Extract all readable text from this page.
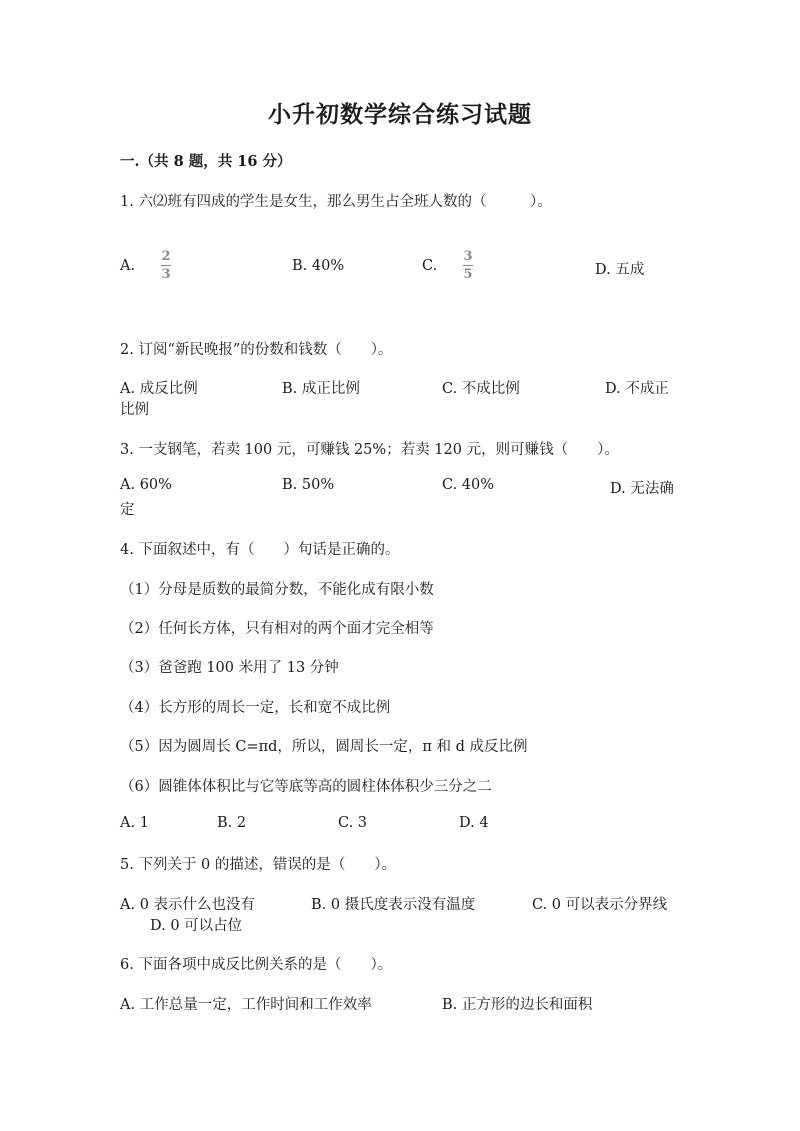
小升初数学综合练习试题
一.（共 8 题，共 16 分）
1. 六⑵班有四成的学生是女生，那么男生占全班人数的（　　　）。
A.
2
3
B. 40%	C.
3
5	D. 五成
2. 订阅“新民晚报”的份数和钱数（　　）。
A. 成反比例	B. 成正比例	C. 不成比例	D. 不成正
比例
3. 一支钢笔，若卖 100 元，可赚钱 25%；若卖 120 元，则可赚钱（　　）。
A. 60%	B. 50%	C. 40%	D. 无法确
定
4. 下面叙述中，有（　　）句话是正确的。
（1）分母是质数的最简分数，不能化成有限小数
（2）任何长方体，只有相对的两个面才完全相等
（3）爸爸跑 100 米用了 13 分钟
（4）长方形的周长一定，长和宽不成比例
（5）因为圆周长 C=πd，所以，圆周长一定，π 和 d 成反比例
（6）圆锥体体积比与它等底等高的圆柱体体积少三分之二
A. 1	B. 2	C. 3	D. 4
5. 下列关于 0 的描述，错误的是（　　）。
A. 0 表示什么也没有	B. 0 摄氏度表示没有温度	C. 0 可以表示分界线
D. 0 可以占位
6. 下面各项中成反比例关系的是（　　）。
A. 工作总量一定，工作时间和工作效率	B. 正方形的边长和面积
